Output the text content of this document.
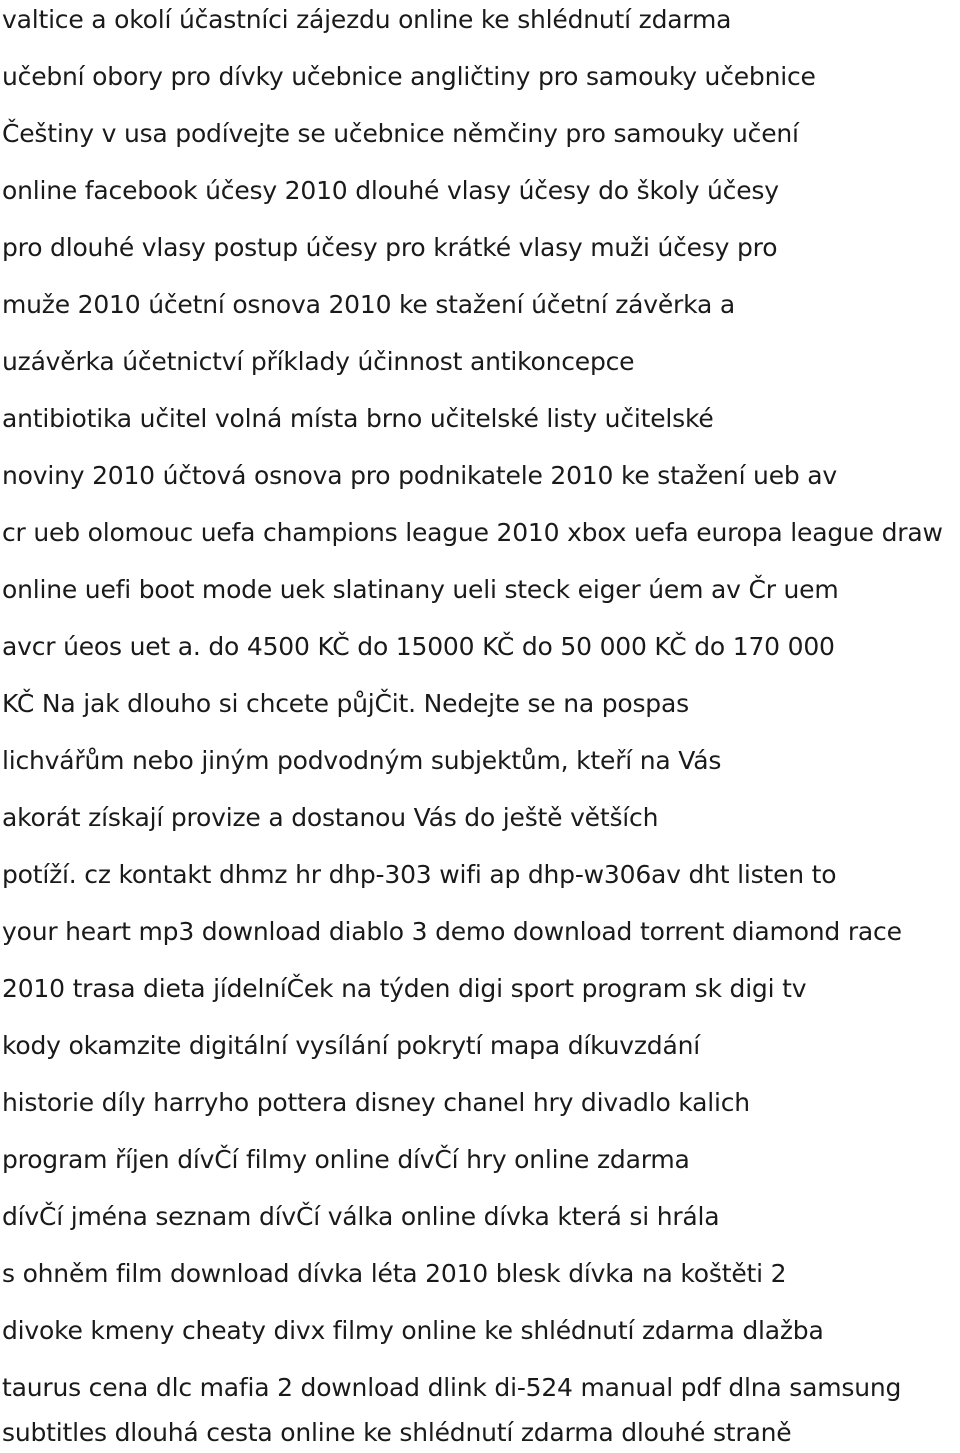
valtice a okolí účastníci zájezdu online ke shlédnutí zdarma
učební obory pro dívky učebnice angličtiny pro samouky učebnice
Češtiny v usa podívejte se učebnice němčiny pro samouky učení
online facebook účesy 2010 dlouhé vlasy účesy do školy účesy
pro dlouhé vlasy postup účesy pro krátké vlasy muži účesy pro
muže 2010 účetní osnova 2010 ke stažení účetní závěrka a
uzávěrka účetnictví příklady účinnost antikoncepce
antibiotika učitel volná místa brno učitelské listy učitelské
noviny 2010 účtová osnova pro podnikatele 2010 ke stažení ueb av
cr ueb olomouc uefa champions league 2010 xbox uefa europa league draw
online uefi boot mode uek slatinany ueli steck eiger úem av Čr uem
avcr úeos uet a. do 4500 KČ do 15000 KČ do 50 000 KČ do 170 000
KČ Na jak dlouho si chcete půjČit. Nedejte se na pospas
lichvářům nebo jiným podvodným subjektům, kteří na Vás
akorát získají provize a dostanou Vás do ještě větších
potíží. cz kontakt dhmz hr dhp-303 wifi ap dhp-w306av dht listen to
your heart mp3 download diablo 3 demo download torrent diamond race
2010 trasa dieta jídelníČek na týden digi sport program sk digi tv
kody okamzite digitální vysílání pokrytí mapa díkuvzdání
historie díly harryho pottera disney chanel hry divadlo kalich
program říjen dívČí filmy online dívČí hry online zdarma
dívČí jména seznam dívČí válka online dívka která si hrála
s ohněm film download dívka léta 2010 blesk dívka na koštěti 2
divoke kmeny cheaty divx filmy online ke shlédnutí zdarma dlažba
taurus cena dlc mafia 2 download dlink di-524 manual pdf dlna samsung
subtitles dlouhá cesta online ke shlédnutí zdarma dlouhé straně
